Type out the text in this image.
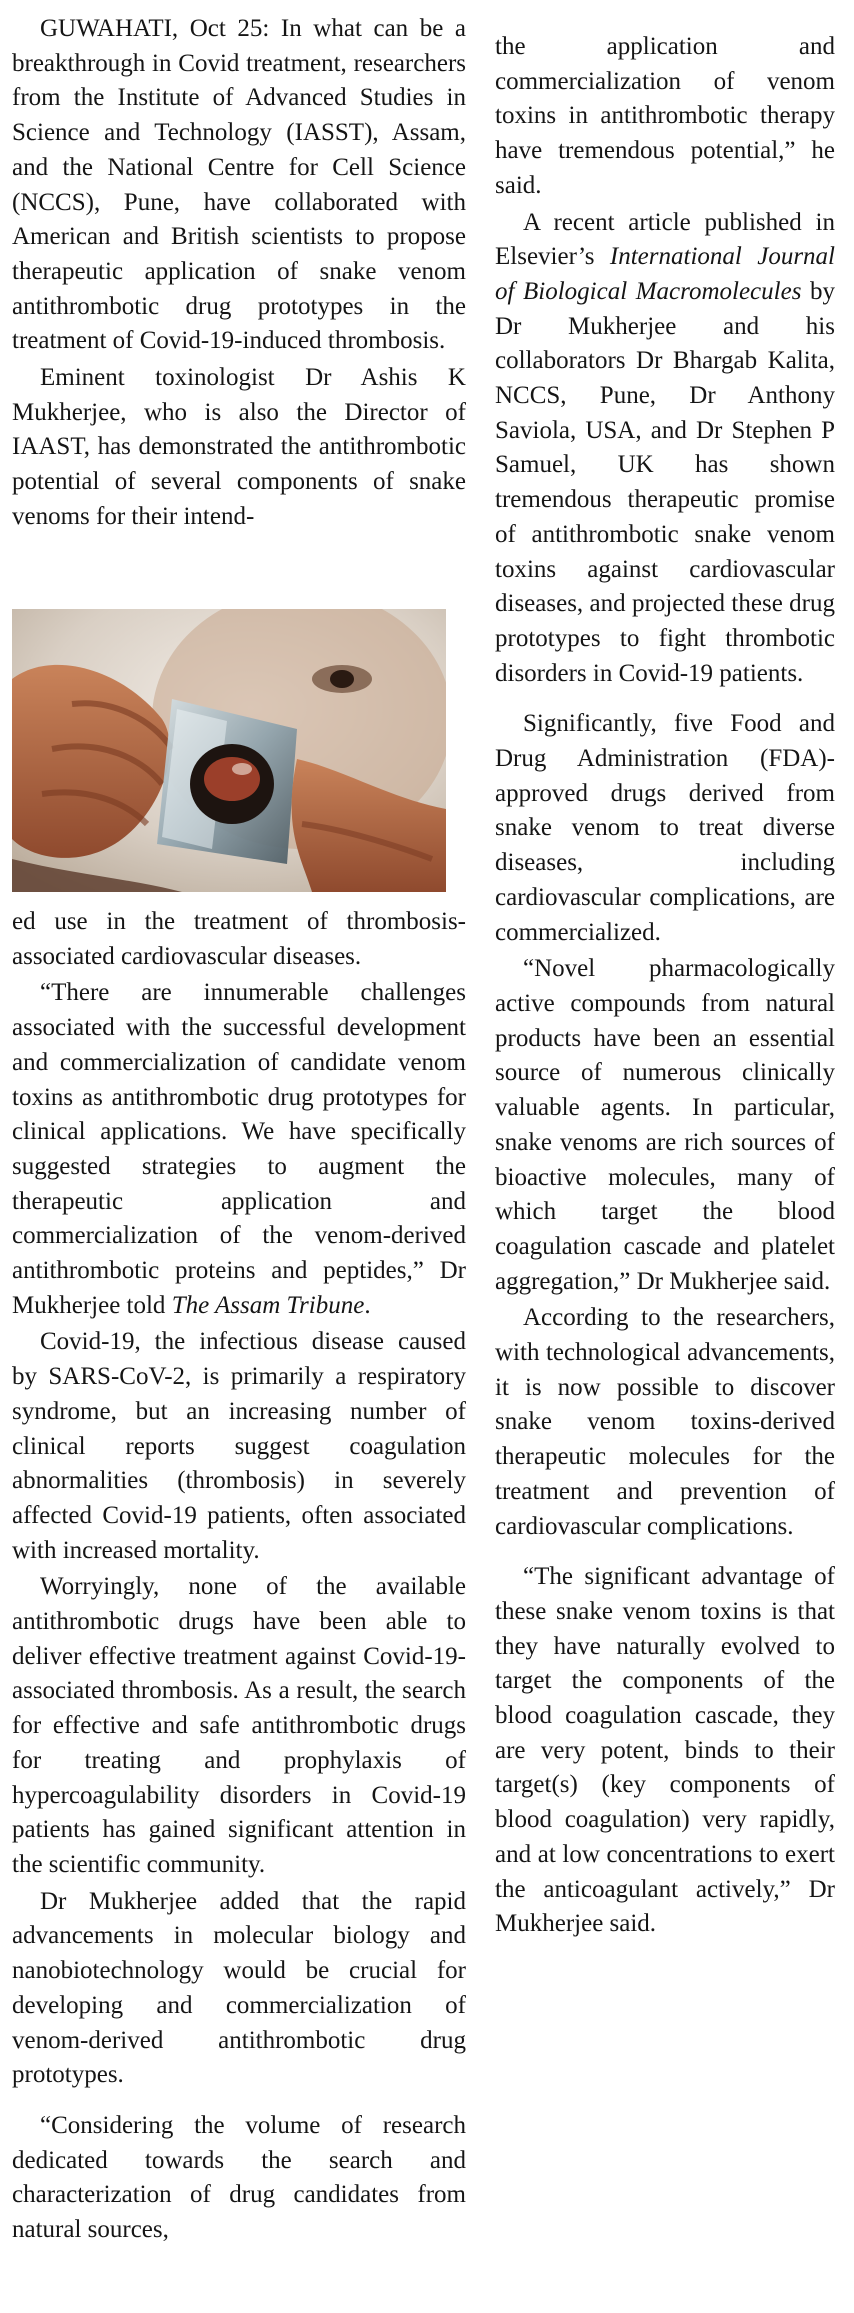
GUWAHATI, Oct 25: In what can be a breakthrough in Covid treatment, researchers from the Institute of Advanced Studies in Science and Technology (IASST), Assam, and the National Centre for Cell Science (NCCS), Pune, have collaborated with American and British scientists to propose therapeutic application of snake venom antithrombotic drug prototypes in the treatment of Covid-19-induced thrombosis.

Eminent toxinologist Dr Ashis K Mukherjee, who is also the Director of IAAST, has demonstrated the antithrombotic potential of several components of snake venoms for their intend-

ed use in the treatment of thrombosis-associated cardiovascular diseases.

“There are innumerable challenges associated with the successful development and commercialization of candidate venom toxins as antithrombotic drug prototypes for clinical applications. We have specifically suggested strategies to augment the therapeutic application and commercialization of the venom-derived antithrombotic proteins and peptides,” Dr Mukherjee told The Assam Tribune.

Covid-19, the infectious disease caused by SARS-CoV-2, is primarily a respiratory syndrome, but an increasing number of clinical reports suggest coagulation abnormalities (thrombosis) in severely affected Covid-19 patients, often associated with increased mortality.

Worryingly, none of the available antithrombotic drugs have been able to deliver effective treatment against Covid-19-associated thrombosis. As a result, the search for effective and safe antithrombotic drugs for treating and prophylaxis of hypercoagulability disorders in Covid-19 patients has gained significant attention in the scientific community.

Dr Mukherjee added that the rapid advancements in molecular biology and nanobiotechnology would be crucial for developing and commercialization of venom-derived antithrombotic drug prototypes.

“Considering the volume of research dedicated towards the search and characterization of drug candidates from natural sources,

the application and commercialization of venom toxins in antithrombotic therapy have tremendous potential,” he said.

A recent article published in Elsevier’s International Journal of Biological Macromolecules by Dr Mukherjee and his collaborators Dr Bhargab Kalita, NCCS, Pune, Dr Anthony Saviola, USA, and Dr Stephen P Samuel, UK has shown tremendous therapeutic promise of antithrombotic snake venom toxins against cardiovascular diseases, and projected these drug prototypes to fight thrombotic disorders in Covid-19 patients.

Significantly, five Food and Drug Administration (FDA)-approved drugs derived from snake venom to treat diverse diseases, including cardiovascular complications, are commercialized.

“Novel pharmacologically active compounds from natural products have been an essential source of numerous clinically valuable agents. In particular, snake venoms are rich sources of bioactive molecules, many of which target the blood coagulation cascade and platelet aggregation,” Dr Mukherjee said.

According to the researchers, with technological advancements, it is now possible to discover snake venom toxins-derived therapeutic molecules for the treatment and prevention of cardiovascular complications.

“The significant advantage of these snake venom toxins is that they have naturally evolved to target the components of the blood coagulation cascade, they are very potent, binds to their target(s) (key components of blood coagulation) very rapidly, and at low concentrations to exert the anticoagulant actively,” Dr Mukherjee said.
